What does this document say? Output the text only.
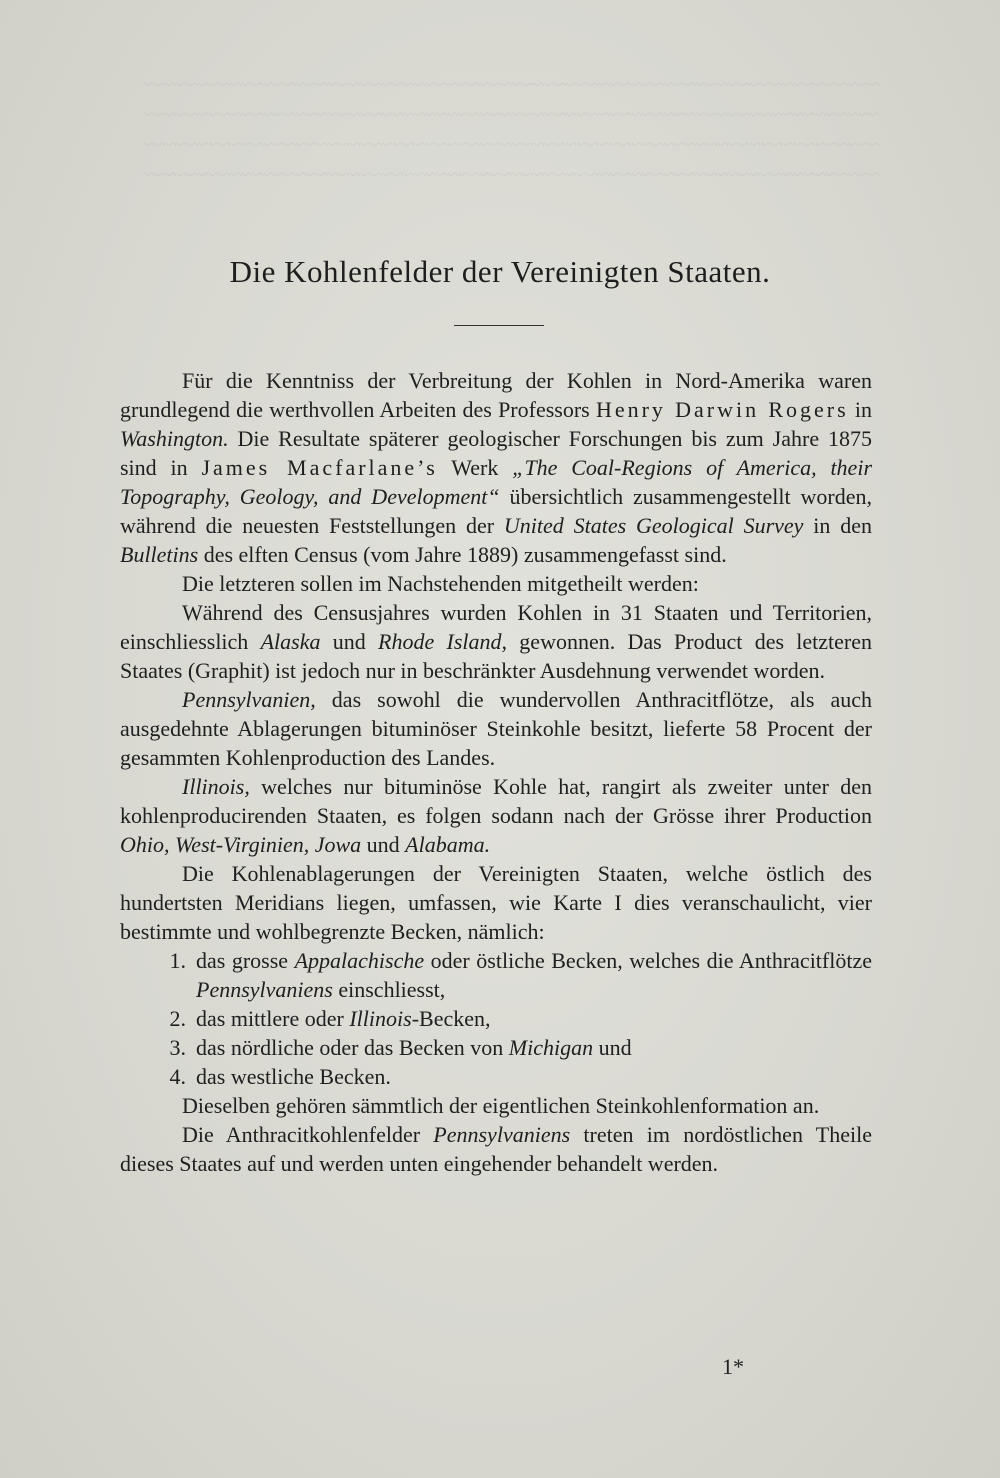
~~~~~~~~~~~~~~~~~~~~~~~~~~~~~~~~~~~~~~~~~~~~~~~~~~~~~~~~~~~~~~~~~~~~
~~~~~~~~~~~~~~~~~~~~~~~~~~~~~~~~~~~~~~~~~~~~~~~~~~~~~~~~~~~~~~~~~~~~
~~~~~~~~~~~~~~~~~~~~~~~~~~~~~~~~~~~~~~~~~~~~~~~~~~~~~~~~~~~~~~~~~~~~
~~~~~~~~~~~~~~~~~~~~~~~~~~~~~~~~~~~~~~~~~~~~~~~~~~~~~~~~~~~~~~~~~~~~
Die Kohlenfelder der Vereinigten Staaten.

Für die Kenntniss der Verbreitung der Kohlen in Nord-Amerika waren grundlegend die werthvollen Arbeiten des Professors Henry Darwin Rogers in Washington. Die Resultate späterer geologischer Forschungen bis zum Jahre 1875 sind in James Macfarlane’s Werk „The Coal-Regions of America, their Topography, Geology, and Development“ übersichtlich zusammengestellt worden, während die neuesten Feststellungen der United States Geological Survey in den Bulletins des elften Census (vom Jahre 1889) zusammengefasst sind.

Die letzteren sollen im Nachstehenden mitgetheilt werden:

Während des Censusjahres wurden Kohlen in 31 Staaten und Territorien, einschliesslich Alaska und Rhode Island, gewonnen. Das Product des letzteren Staates (Graphit) ist jedoch nur in beschränkter Ausdehnung verwendet worden.

Pennsylvanien, das sowohl die wundervollen Anthracitflötze, als auch ausgedehnte Ablagerungen bituminöser Steinkohle besitzt, lieferte 58 Procent der gesammten Kohlenproduction des Landes.

Illinois, welches nur bituminöse Kohle hat, rangirt als zweiter unter den kohlenproducirenden Staaten, es folgen sodann nach der Grösse ihrer Production Ohio, West-Virginien, Jowa und Alabama.

Die Kohlenablagerungen der Vereinigten Staaten, welche östlich des hundertsten Meridians liegen, umfassen, wie Karte I dies veranschaulicht, vier bestimmte und wohlbegrenzte Becken, nämlich:

1. das grosse Appalachische oder östliche Becken, welches die Anthracitflötze Pennsylvaniens einschliesst,
2. das mittlere oder Illinois-Becken,
3. das nördliche oder das Becken von Michigan und
4. das westliche Becken.

Dieselben gehören sämmtlich der eigentlichen Steinkohlenformation an.

Die Anthracitkohlenfelder Pennsylvaniens treten im nordöstlichen Theile dieses Staates auf und werden unten eingehender behandelt werden.

1*
